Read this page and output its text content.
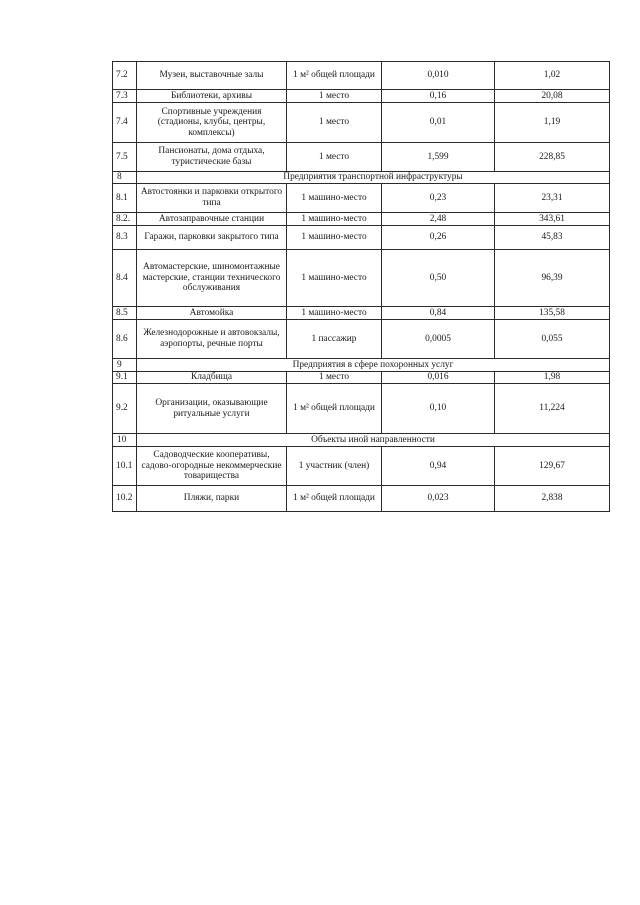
7.2	Музеи, выставочные залы	1 м² общей площади	0,010	1,02
7.3	Библиотеки, архивы	1 место	0,16	20,08
7.4	Спортивные учреждения (стадионы, клубы, центры, комплексы)	1 место	0,01	1,19
7.5	Пансионаты, дома отдыха, туристические базы	1 место	1,599	228,85
8	Предприятия транспортной инфраструктуры			
8.1	Автостоянки и парковки открытого типа	1 машино-место	0,23	23,31
8.2.	Автозаправочные станции	1 машино-место	2,48	343,61
8.3	Гаражи, парковки закрытого типа	1 машино-место	0,26	45,83
8.4	Автомастерские, шиномонтажные мастерские, станции технического обслуживания	1 машино-место	0,50	96,39
8.5	Автомойка	1 машино-место	0,84	135,58
8.6	Железнодорожные и автовокзалы, аэропорты, речные порты	1 пассажир	0,0005	0,055
9	Предприятия в сфере похоронных услуг			
9.1	Кладбища	1 место	0,016	1,98
9.2	Организации, оказывающие ритуальные услуги	1 м² общей площади	0,10	11,224
10	Объекты иной направленности			
10.1	Садоводческие кооперативы, садово-огородные некоммерческие товарищества	1 участник (член)	0,94	129,67
10.2	Пляжи, парки	1 м² общей площади	0,023	2,838
